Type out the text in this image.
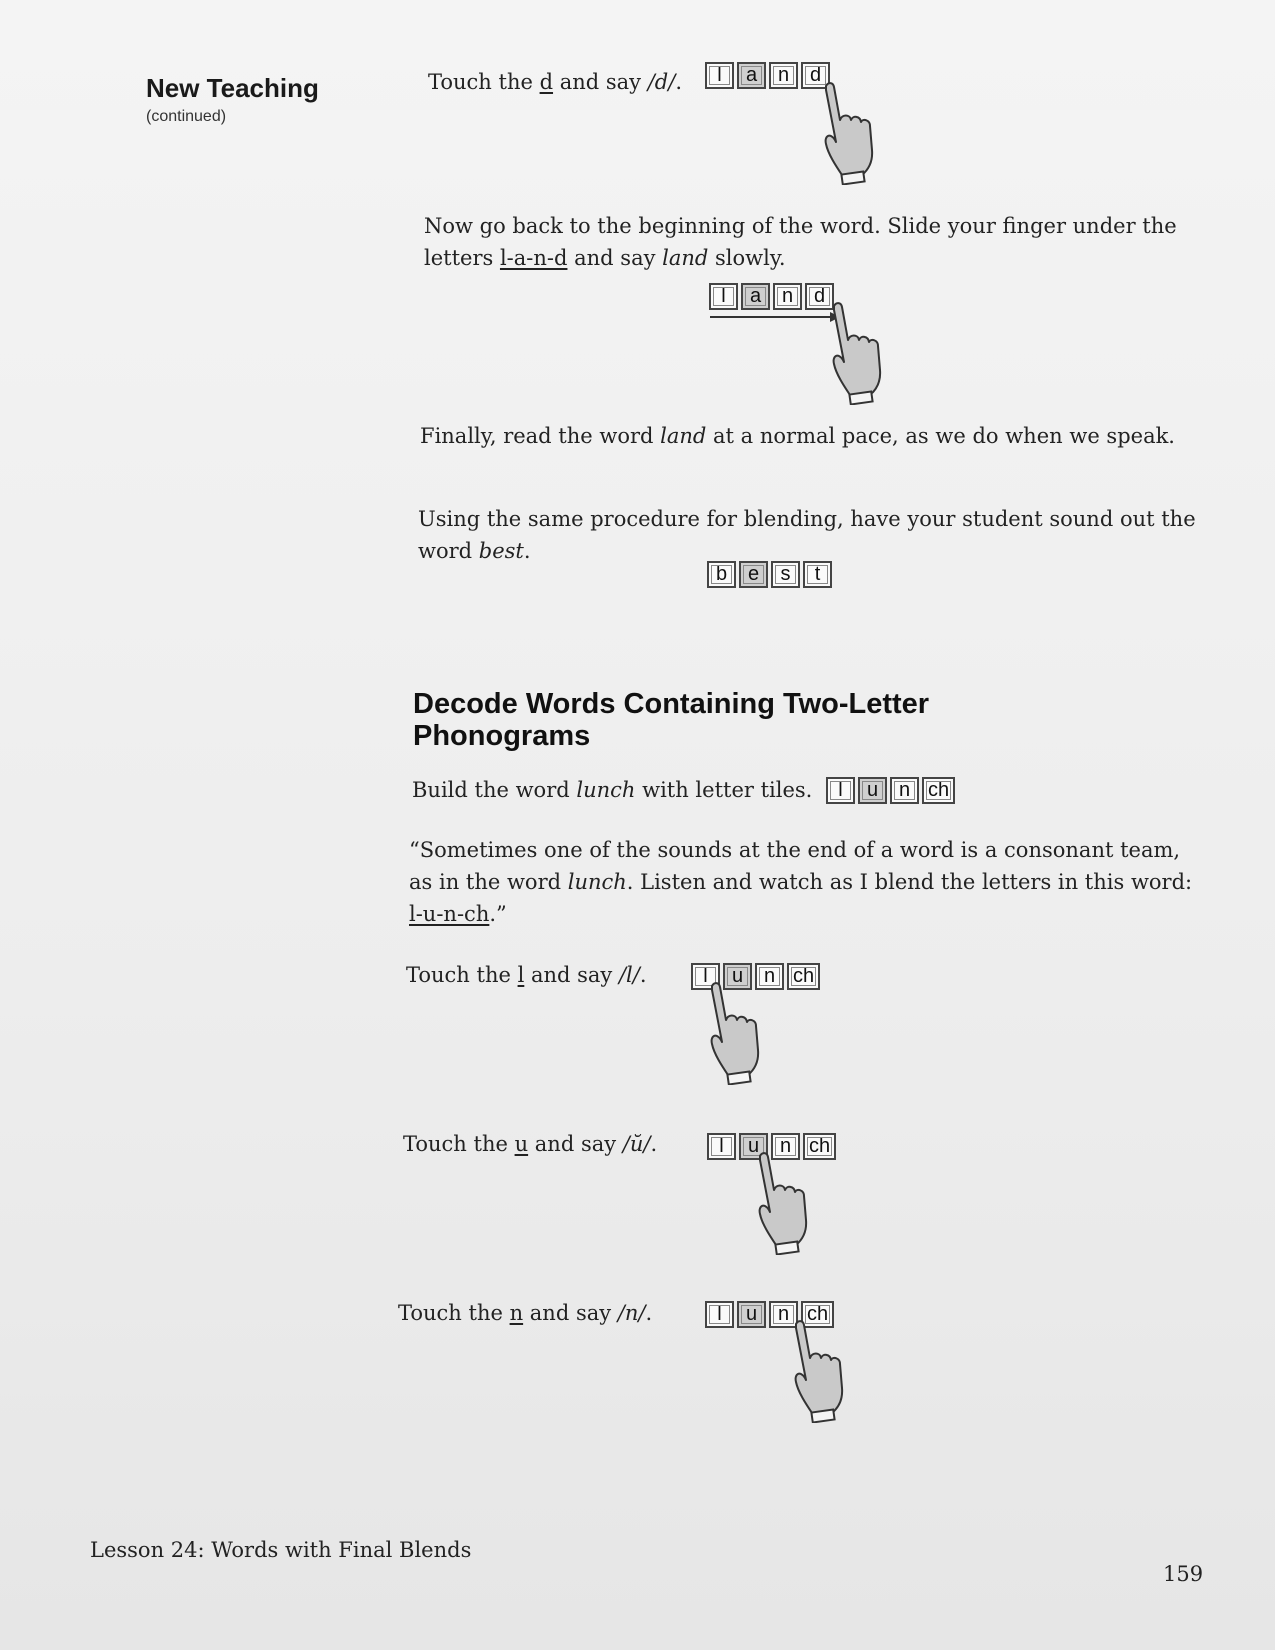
New Teaching
(continued)
Touch the d and say /d/.	l	a	n	d
Now go back to the beginning of the word. Slide your finger under the
letters l-a-n-d and say land slowly.
l	a	n	d
Finally, read the word land at a normal pace, as we do when we speak.
Using the same procedure for blending, have your student sound out the
word best.
b	e	s	t
Decode Words Containing Two-Letter
Phonograms
Build the word lunch with letter tiles.	l	u	n ch
“Sometimes one of the sounds at the end of a word is a consonant team,
as in the word lunch. Listen and watch as I blend the letters in this word:
l-u-n-ch.”
Touch the l and say /l/.	l	u	n ch
Touch the u and say /ŭ/.	l	u	n ch
Touch the n and say /n/.	l	u	n ch
Lesson 24: Words with Final Blends
159
